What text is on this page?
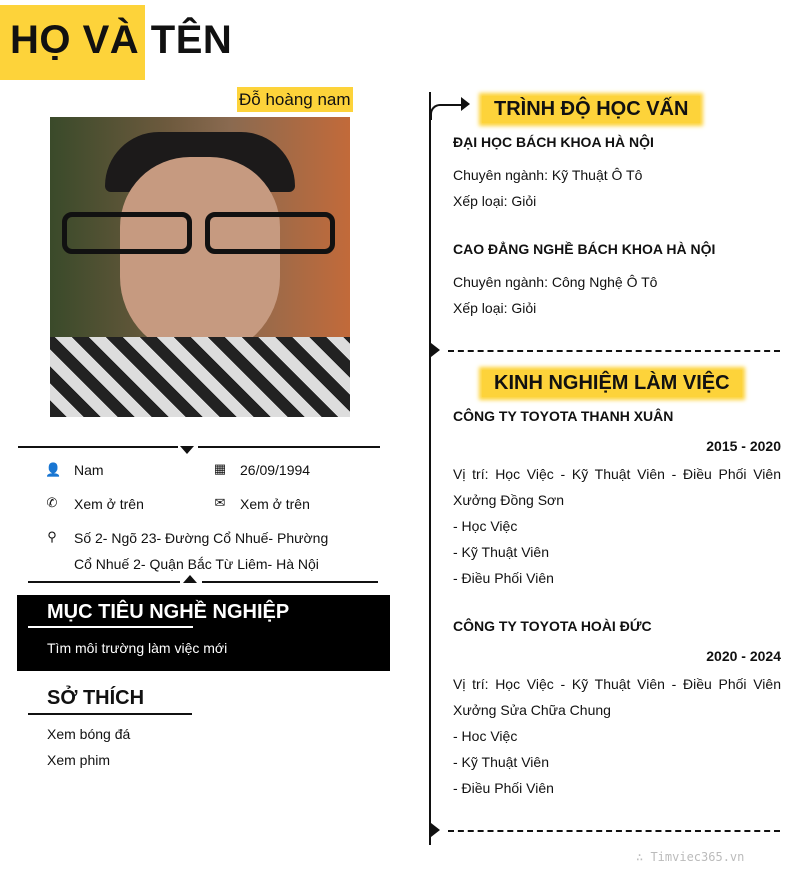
HỌ VÀ TÊN
Đỗ hoàng nam
👤 Nam	▦ 26/09/1994
✆ Xem ở trên	✉ Xem ở trên
⚲ Số 2- Ngõ 23- Đường Cổ Nhuế- Phường
Cổ Nhuế 2- Quận Bắc Từ Liêm- Hà Nội
MỤC TIÊU NGHỀ NGHIỆP
Tìm môi trường làm việc mới
SỞ THÍCH
Xem bóng đá
Xem phim
TRÌNH ĐỘ HỌC VẤN
ĐẠI HỌC BÁCH KHOA HÀ NỘI
Chuyên ngành: Kỹ Thuật Ô Tô
Xếp loại: Giỏi
CAO ĐẲNG NGHỀ BÁCH KHOA HÀ NỘI
Chuyên ngành: Công Nghệ Ô Tô
Xếp loại: Giỏi
KINH NGHIỆM LÀM VIỆC
CÔNG TY TOYOTA THANH XUÂN
2015 - 2020
Vị trí: Học Việc - Kỹ Thuật Viên - Điều Phối Viên
Xưởng Đồng Sơn
- Học Việc
- Kỹ Thuật Viên
- Điều Phối Viên
CÔNG TY TOYOTA HOÀI ĐỨC
2020 - 2024
Vị trí: Học Việc - Kỹ Thuật Viên - Điều Phối Viên
Xưởng Sửa Chữa Chung
- Hoc Việc
- Kỹ Thuật Viên
- Điều Phối Viên
∴ Timviec365.vn
